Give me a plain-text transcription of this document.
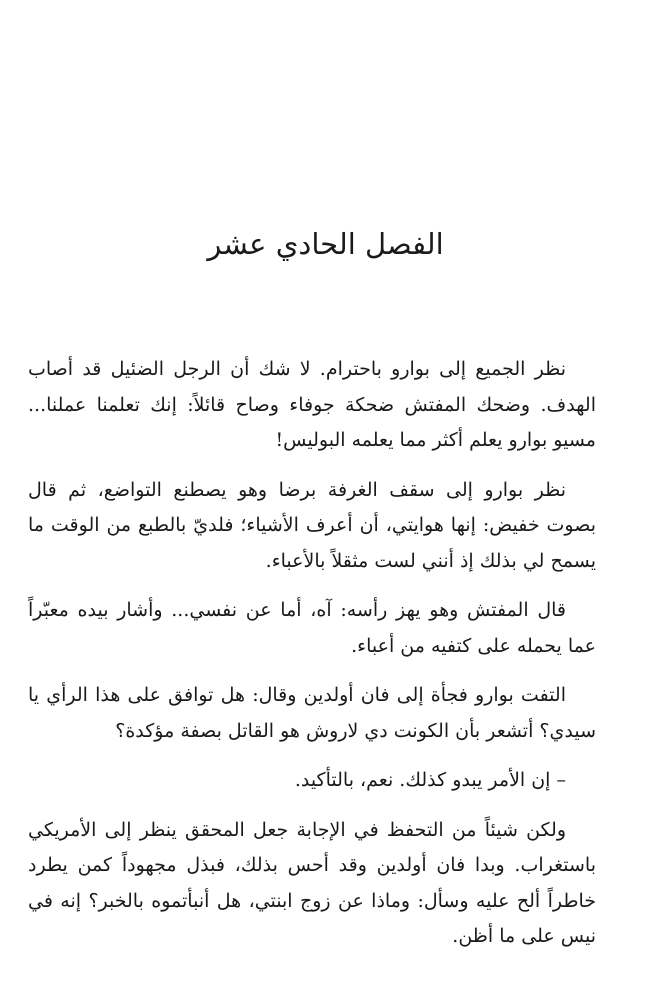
الفصل الحادي عشر

نظر الجميع إلى بوارو باحترام. لا شك أن الرجل الضئيل قد أصاب الهدف. وضحك المفتش ضحكة جوفاء وصاح قائلاً: إنك تعلمنا عملنا... مسيو بوارو يعلم أكثر مما يعلمه البوليس!

نظر بوارو إلى سقف الغرفة برضا وهو يصطنع التواضع، ثم قال بصوت خفيض: إنها هوايتي، أن أعرف الأشياء؛ فلديّ بالطبع من الوقت ما يسمح لي بذلك إذ أنني لست مثقلاً بالأعباء.

قال المفتش وهو يهز رأسه: آه، أما عن نفسي... وأشار بيده معبّراً عما يحمله على كتفيه من أعباء.

التفت بوارو فجأة إلى فان أولدين وقال: هل توافق على هذا الرأي يا سيدي؟ أتشعر بأن الكونت دي لاروش هو القاتل بصفة مؤكدة؟

– إن الأمر يبدو كذلك. نعم، بالتأكيد.

ولكن شيئاً من التحفظ في الإجابة جعل المحقق ينظر إلى الأمريكي باستغراب. وبدا فان أولدين وقد أحس بذلك، فبذل مجهوداً كمن يطرد خاطراً ألح عليه وسأل: وماذا عن زوج ابنتي، هل أنبأتموه بالخبر؟ إنه في نيس على ما أظن.
